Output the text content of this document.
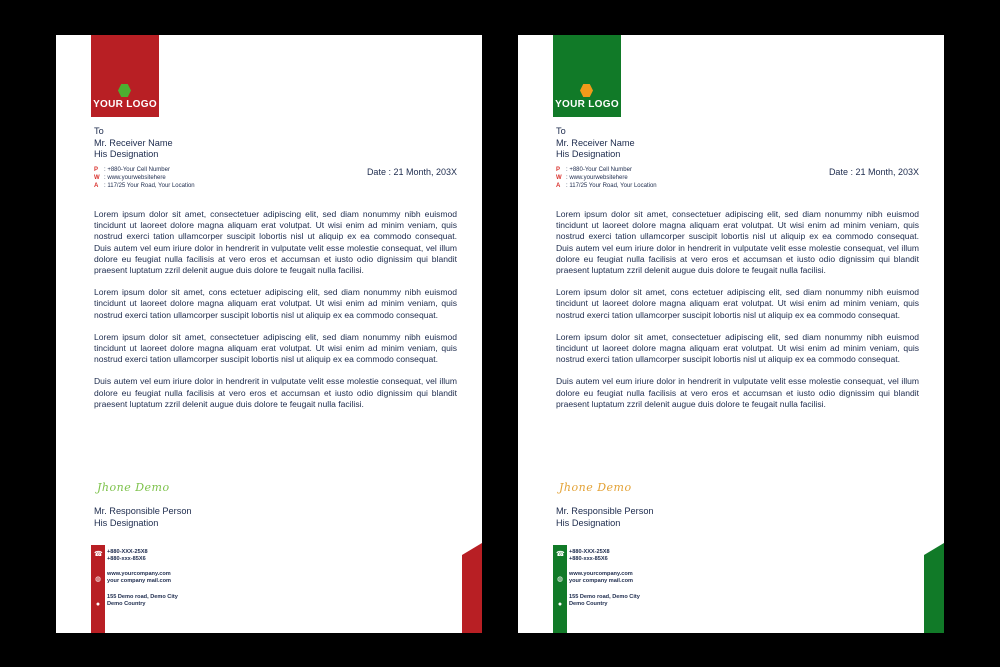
YOUR LOGO
To
Mr. Receiver Name
His Designation
P : +880-Your Cell Number
W : www.yourwebsitehere
A : 117/25 Your Road, Your Location
Date : 21 Month, 203X

Lorem ipsum dolor sit amet, consectetuer adipiscing elit, sed diam nonummy nibh euismod tincidunt ut laoreet dolore magna aliquam erat volutpat. Ut wisi enim ad minim veniam, quis nostrud exerci tation ullamcorper suscipit lobortis nisl ut aliquip ex ea commodo consequat. Duis autem vel eum iriure dolor in hendrerit in vulputate velit esse molestie consequat, vel illum dolore eu feugiat nulla facilisis at vero eros et accumsan et iusto odio dignissim qui blandit praesent luptatum zzril delenit augue duis dolore te feugait nulla facilisi.

Lorem ipsum dolor sit amet, cons ectetuer adipiscing elit, sed diam nonummy nibh euismod tincidunt ut laoreet dolore magna aliquam erat volutpat. Ut wisi enim ad minim veniam, quis nostrud exerci tation ullamcorper suscipit lobortis nisl ut aliquip ex ea commodo consequat.

Lorem ipsum dolor sit amet, consectetuer adipiscing elit, sed diam nonummy nibh euismod tincidunt ut laoreet dolore magna aliquam erat volutpat. Ut wisi enim ad minim veniam, quis nostrud exerci tation ullamcorper suscipit lobortis nisl ut aliquip ex ea commodo consequat.

Duis autem vel eum iriure dolor in hendrerit in vulputate velit esse molestie consequat, vel illum dolore eu feugiat nulla facilisis at vero eros et accumsan et iusto odio dignissim qui blandit praesent luptatum zzril delenit augue duis dolore te feugait nulla facilisi.

Jhone Demo
Mr. Responsible Person
His Designation
☎
◍
●
+880-XXX-25X8
+880-xxx-85X6
www.yourcompany.com
your company mail.com
155 Demo road, Demo City
Demo Country
YOUR LOGO
To
Mr. Receiver Name
His Designation
P : +880-Your Cell Number
W : www.yourwebsitehere
A : 117/25 Your Road, Your Location
Date : 21 Month, 203X

Lorem ipsum dolor sit amet, consectetuer adipiscing elit, sed diam nonummy nibh euismod tincidunt ut laoreet dolore magna aliquam erat volutpat. Ut wisi enim ad minim veniam, quis nostrud exerci tation ullamcorper suscipit lobortis nisl ut aliquip ex ea commodo consequat. Duis autem vel eum iriure dolor in hendrerit in vulputate velit esse molestie consequat, vel illum dolore eu feugiat nulla facilisis at vero eros et accumsan et iusto odio dignissim qui blandit praesent luptatum zzril delenit augue duis dolore te feugait nulla facilisi.

Lorem ipsum dolor sit amet, cons ectetuer adipiscing elit, sed diam nonummy nibh euismod tincidunt ut laoreet dolore magna aliquam erat volutpat. Ut wisi enim ad minim veniam, quis nostrud exerci tation ullamcorper suscipit lobortis nisl ut aliquip ex ea commodo consequat.

Lorem ipsum dolor sit amet, consectetuer adipiscing elit, sed diam nonummy nibh euismod tincidunt ut laoreet dolore magna aliquam erat volutpat. Ut wisi enim ad minim veniam, quis nostrud exerci tation ullamcorper suscipit lobortis nisl ut aliquip ex ea commodo consequat.

Duis autem vel eum iriure dolor in hendrerit in vulputate velit esse molestie consequat, vel illum dolore eu feugiat nulla facilisis at vero eros et accumsan et iusto odio dignissim qui blandit praesent luptatum zzril delenit augue duis dolore te feugait nulla facilisi.

Jhone Demo
Mr. Responsible Person
His Designation
☎
◍
●
+880-XXX-25X8
+880-xxx-85X6
www.yourcompany.com
your company mail.com
155 Demo road, Demo City
Demo Country
